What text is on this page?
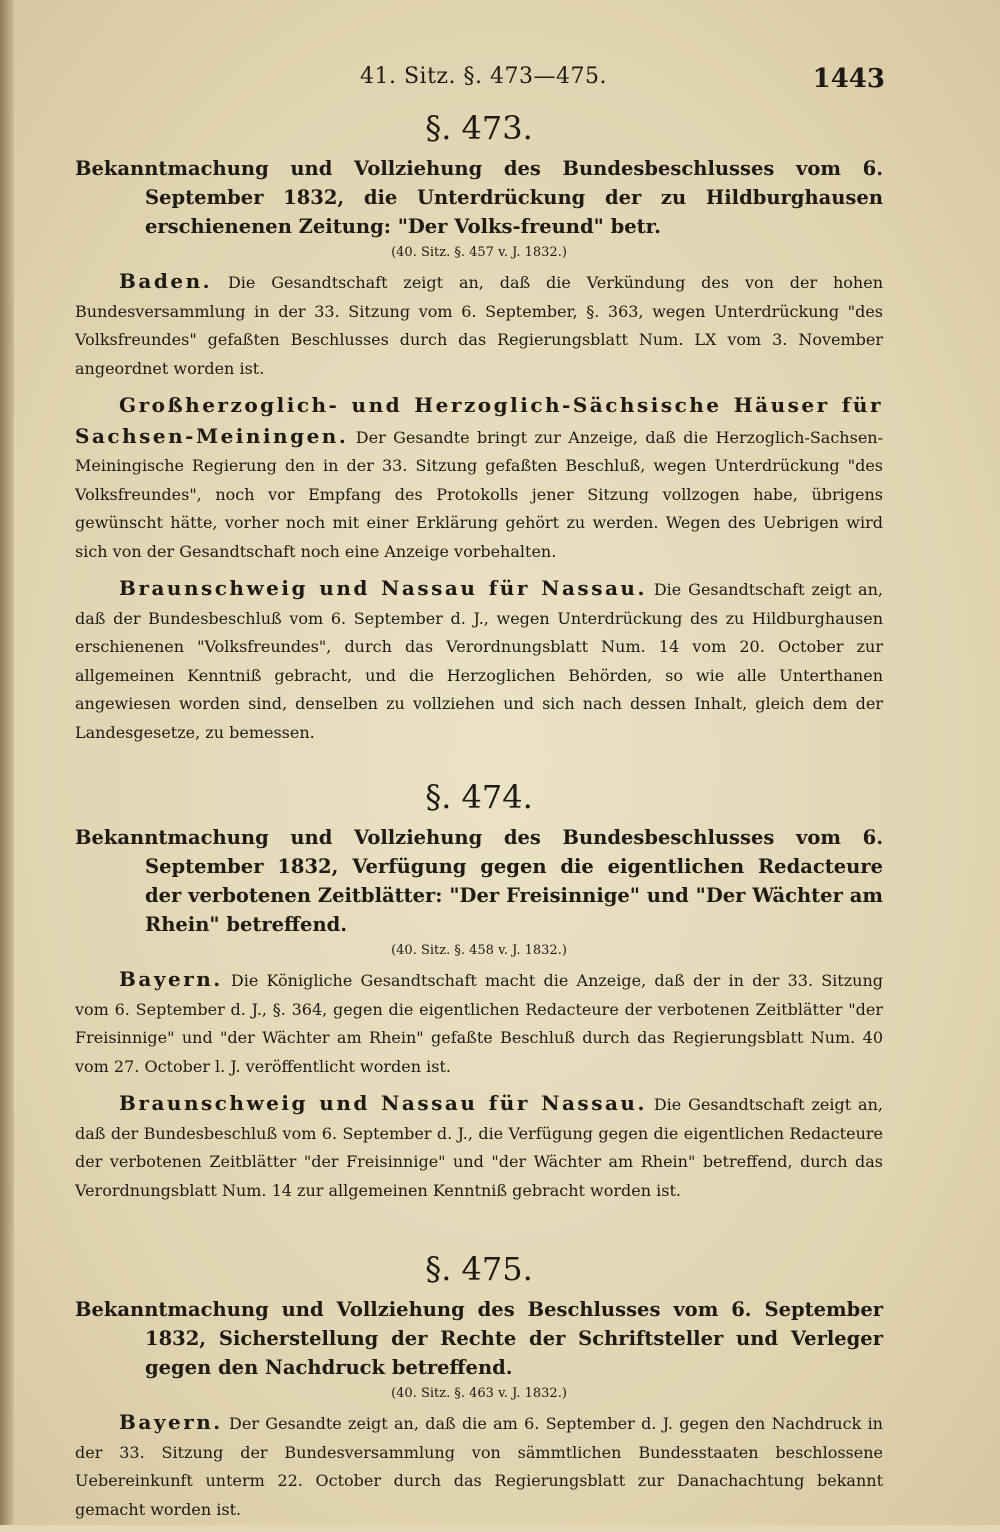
41. Sitz. §. 473—475.	1443
§. 473.
Bekanntmachung und Vollziehung des Bundesbeschlusses vom 6. September 1832, die Unterdrückung der zu Hildburghausen erschienenen Zeitung: "Der Volks-freund" betr.
(40. Sitz. §. 457 v. J. 1832.)

Baden. Die Gesandtschaft zeigt an, daß die Verkündung des von der hohen Bundesversammlung in der 33. Sitzung vom 6. September, §. 363, wegen Unterdrückung "des Volksfreundes" gefaßten Beschlusses durch das Regierungsblatt Num. LX vom 3. November angeordnet worden ist.

Großherzoglich- und Herzoglich-Sächsische Häuser für Sachsen-Meiningen. Der Gesandte bringt zur Anzeige, daß die Herzoglich-Sachsen-Meiningische Regierung den in der 33. Sitzung gefaßten Beschluß, wegen Unterdrückung "des Volksfreundes", noch vor Empfang des Protokolls jener Sitzung vollzogen habe, übrigens gewünscht hätte, vorher noch mit einer Erklärung gehört zu werden. Wegen des Uebrigen wird sich von der Gesandtschaft noch eine Anzeige vorbehalten.

Braunschweig und Nassau für Nassau. Die Gesandtschaft zeigt an, daß der Bundesbeschluß vom 6. September d. J., wegen Unterdrückung des zu Hildburghausen erschienenen "Volksfreundes", durch das Verordnungsblatt Num. 14 vom 20. October zur allgemeinen Kenntniß gebracht, und die Herzoglichen Behörden, so wie alle Unterthanen angewiesen worden sind, denselben zu vollziehen und sich nach dessen Inhalt, gleich dem der Landesgesetze, zu bemessen.

§. 474.
Bekanntmachung und Vollziehung des Bundesbeschlusses vom 6. September 1832, Verfügung gegen die eigentlichen Redacteure der verbotenen Zeitblätter: "Der Freisinnige" und "Der Wächter am Rhein" betreffend.
(40. Sitz. §. 458 v. J. 1832.)

Bayern. Die Königliche Gesandtschaft macht die Anzeige, daß der in der 33. Sitzung vom 6. September d. J., §. 364, gegen die eigentlichen Redacteure der verbotenen Zeitblätter "der Freisinnige" und "der Wächter am Rhein" gefaßte Beschluß durch das Regierungsblatt Num. 40 vom 27. October l. J. veröffentlicht worden ist.

Braunschweig und Nassau für Nassau. Die Gesandtschaft zeigt an, daß der Bundesbeschluß vom 6. September d. J., die Verfügung gegen die eigentlichen Redacteure der verbotenen Zeitblätter "der Freisinnige" und "der Wächter am Rhein" betreffend, durch das Verordnungsblatt Num. 14 zur allgemeinen Kenntniß gebracht worden ist.

§. 475.
Bekanntmachung und Vollziehung des Beschlusses vom 6. September 1832, Sicherstellung der Rechte der Schriftsteller und Verleger gegen den Nachdruck betreffend.
(40. Sitz. §. 463 v. J. 1832.)

Bayern. Der Gesandte zeigt an, daß die am 6. September d. J. gegen den Nachdruck in der 33. Sitzung der Bundesversammlung von sämmtlichen Bundesstaaten beschlossene Uebereinkunft unterm 22. October durch das Regierungsblatt zur Danachachtung bekannt gemacht worden ist.
